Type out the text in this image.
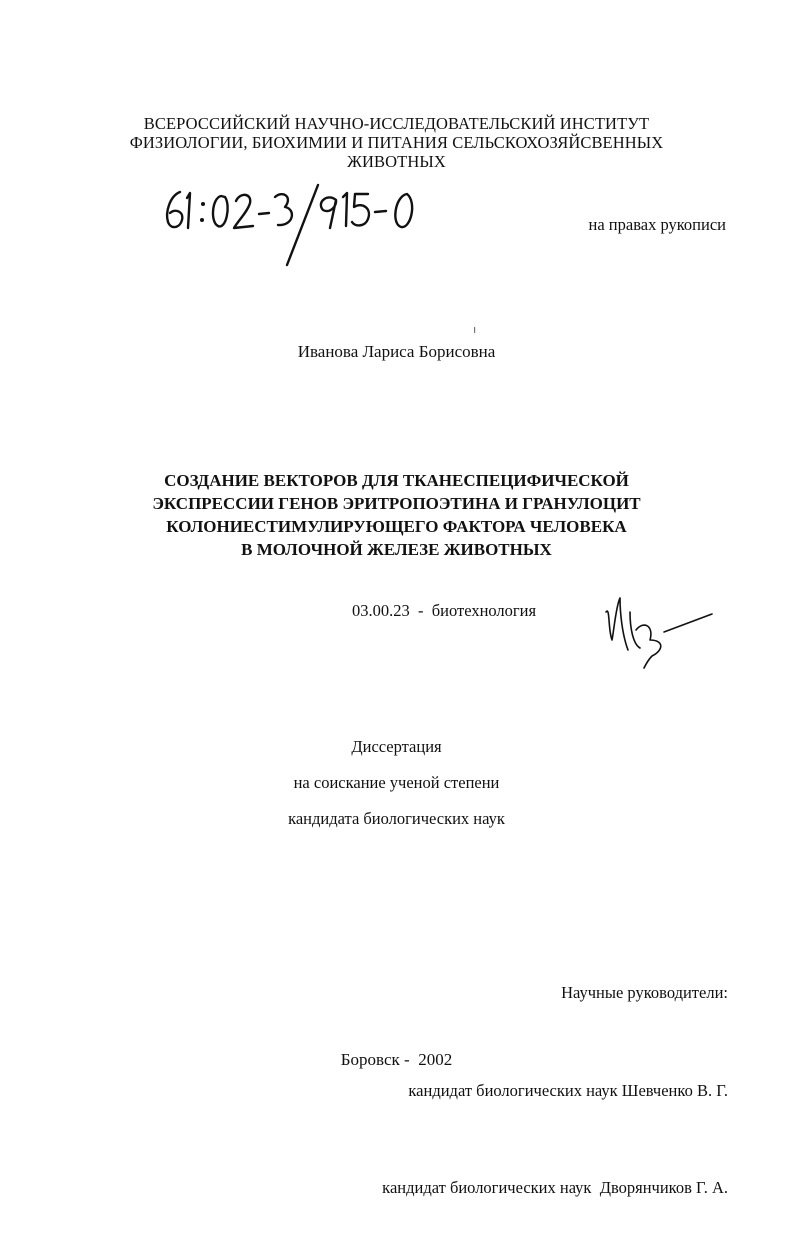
ВСЕРОССИЙСКИЙ НАУЧНО-ИССЛЕДОВАТЕЛЬСКИЙ ИНСТИТУТ
ФИЗИОЛОГИИ, БИОХИМИИ И ПИТАНИЯ СЕЛЬСКОХОЗЯЙСВЕННЫХ
ЖИВОТНЫХ
на правах рукописи
Иванова Лариса Борисовна
СОЗДАНИЕ ВЕКТОРОВ ДЛЯ ТКАНЕСПЕЦИФИЧЕСКОЙ
ЭКСПРЕССИИ ГЕНОВ ЭРИТРОПОЭТИНА И ГРАНУЛОЦИТ
КОЛОНИЕСТИМУЛИРУЮЩЕГО ФАКТОРА ЧЕЛОВЕКА
В МОЛОЧНОЙ ЖЕЛЕЗЕ ЖИВОТНЫХ
03.00.23  -  биотехнология
Диссертация
на соискание ученой степени
кандидата биологических наук

Научные руководители:

кандидат биологических наук Шевченко В. Г.

кандидат биологических наук  Дворянчиков Г. А.

Боровск -  2002
